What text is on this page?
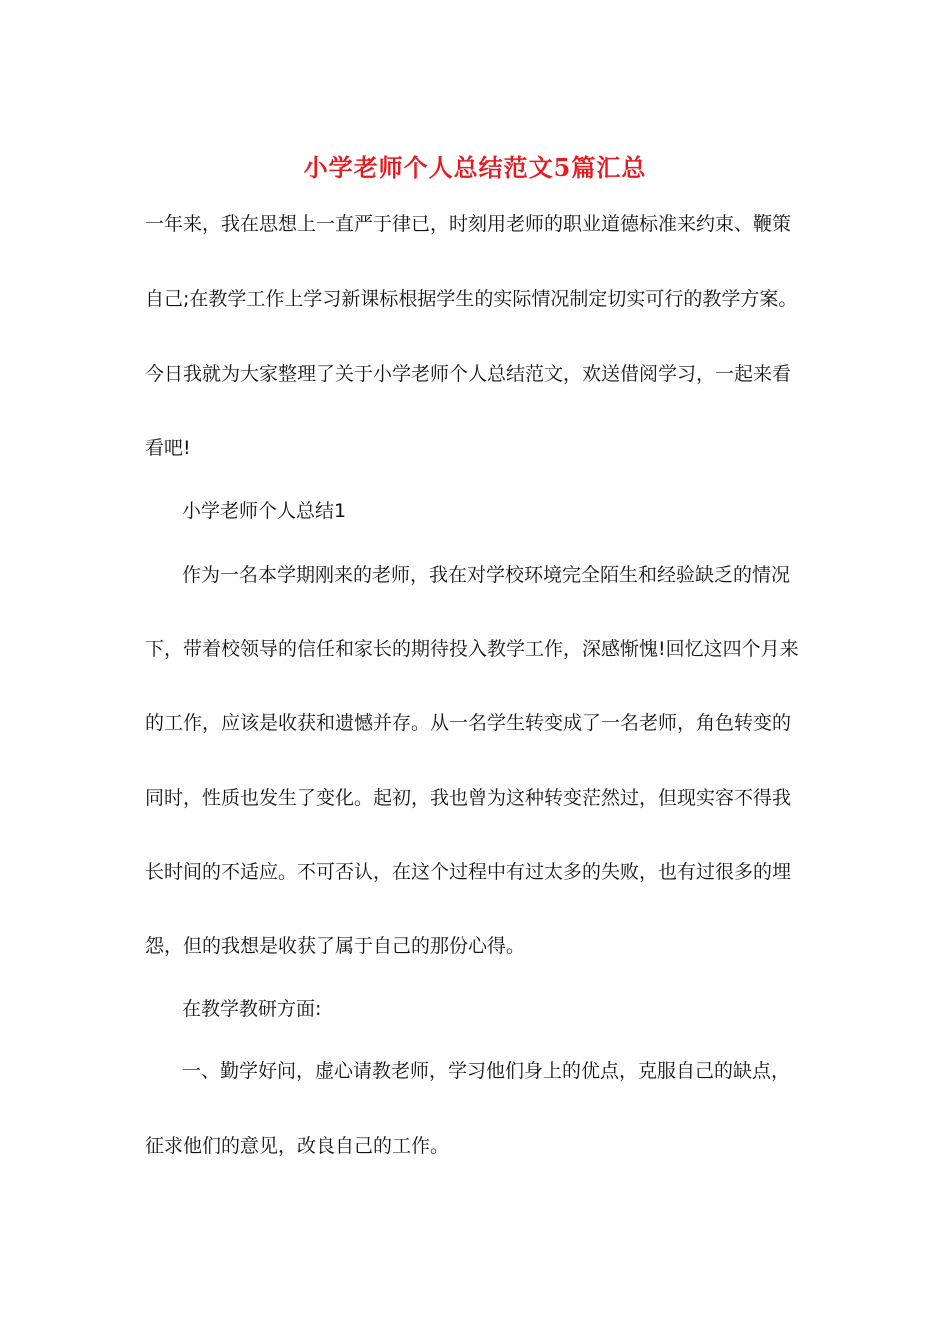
小学老师个人总结范文5篇汇总

一年来，我在思想上一直严于律已，时刻用老师的职业道德标准来约束、鞭策

自己;在教学工作上学习新课标根据学生的实际情况制定切实可行的教学方案。

今日我就为大家整理了关于小学老师个人总结范文，欢送借阅学习，一起来看

看吧!

小学老师个人总结1

作为一名本学期刚来的老师，我在对学校环境完全陌生和经验缺乏的情况

下，带着校领导的信任和家长的期待投入教学工作，深感惭愧!回忆这四个月来

的工作，应该是收获和遗憾并存。从一名学生转变成了一名老师，角色转变的

同时，性质也发生了变化。起初，我也曾为这种转变茫然过，但现实容不得我

长时间的不适应。不可否认，在这个过程中有过太多的失败，也有过很多的埋

怨，但的我想是收获了属于自己的那份心得。

在教学教研方面:

一、勤学好问，虚心请教老师，学习他们身上的优点，克服自己的缺点，

征求他们的意见，改良自己的工作。
